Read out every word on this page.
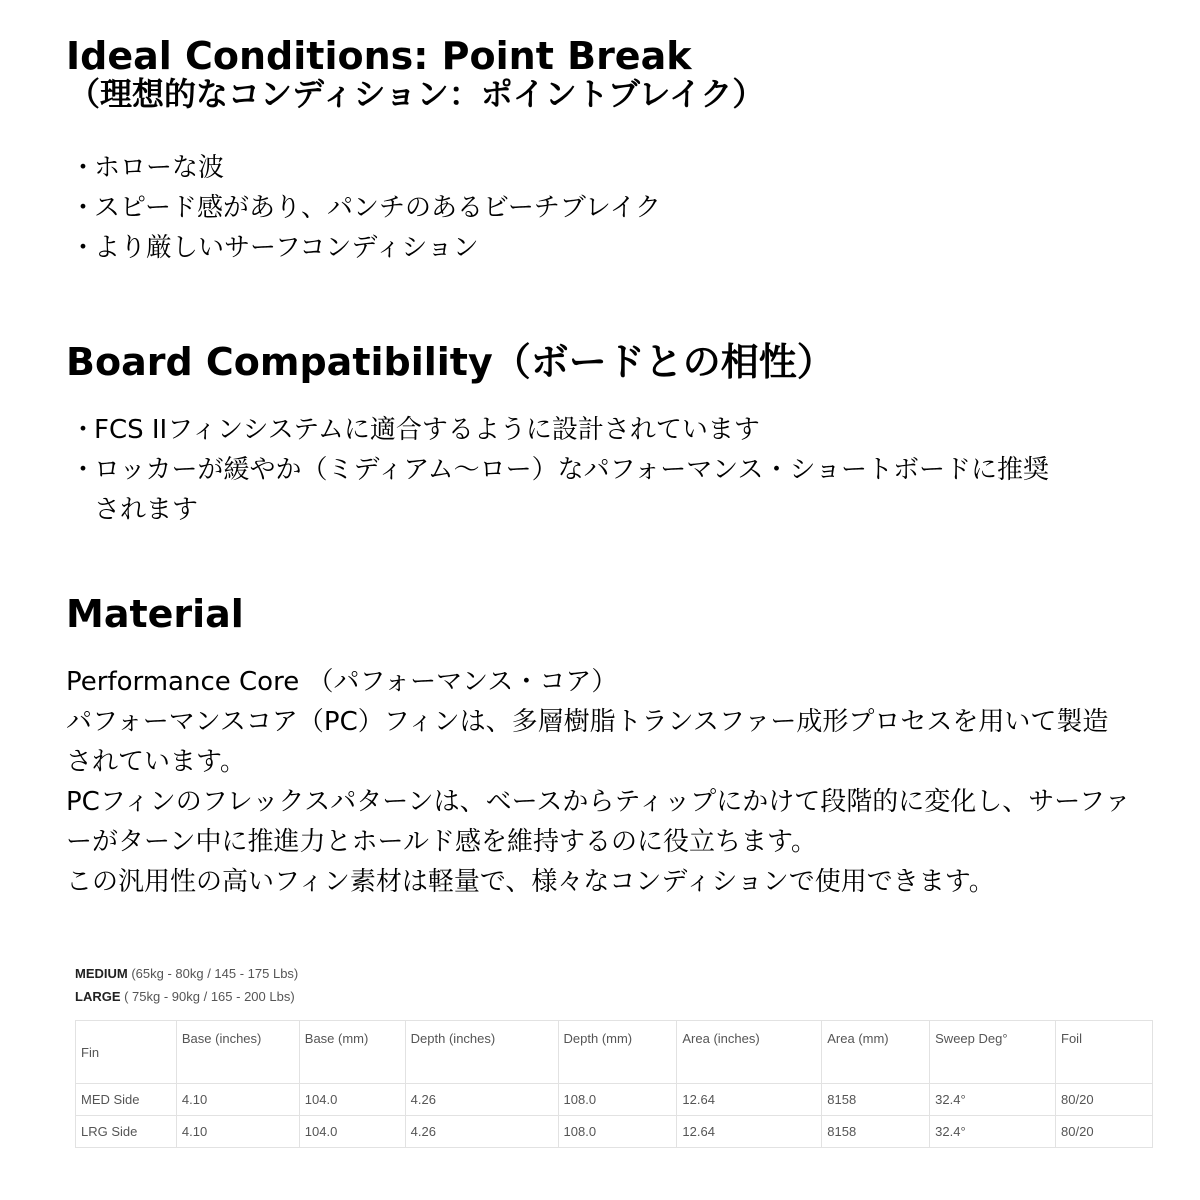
Ideal Conditions: Point Break
（理想的なコンディション：ポイントブレイク）
・
ホローな波
・
スピード感があり、パンチのあるビーチブレイク
・
より厳しいサーフコンディション
Board Compatibility（ボードとの相性）
・
FCS IIフィンシステムに適合するように設計されています
・
ロッカーが緩やか（ミディアム〜ロー）なパフォーマンス・ショートボードに推奨されます
Material

Performance Core （パフォーマンス・コア）

パフォーマンスコア（PC）フィンは、多層樹脂トランスファー成形プロセスを用いて製造されています。

PCフィンのフレックスパターンは、ベースからティップにかけて段階的に変化し、サーファーがターン中に推進力とホールド感を維持するのに役立ちます。

この汎用性の高いフィン素材は軽量で、様々なコンディションで使用できます。

MEDIUM (65kg - 80kg / 145 - 175 Lbs)
LARGE ( 75kg - 90kg / 165 - 200 Lbs)
Fin	Base (inches)	Base (mm)	Depth (inches)	Depth (mm)	Area (inches)	Area (mm)	Sweep Deg°	Foil
MED Side	4.10	104.0	4.26	108.0	12.64	8158	32.4°	80/20
LRG Side	4.10	104.0	4.26	108.0	12.64	8158	32.4°	80/20
